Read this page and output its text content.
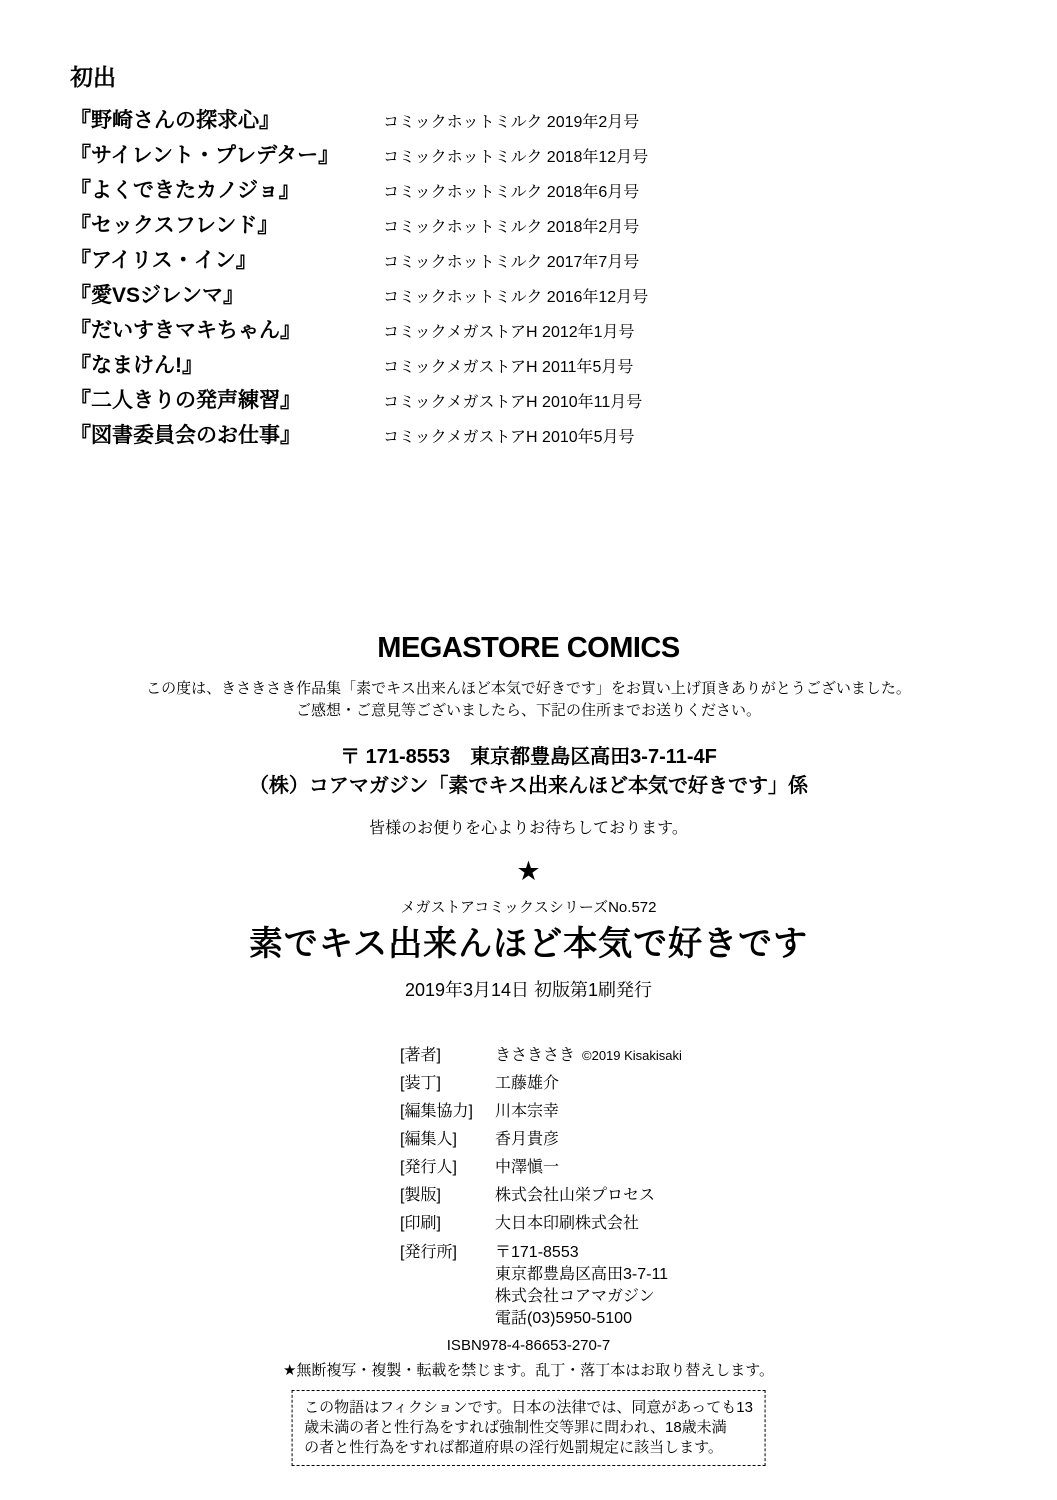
初出
『野崎さんの探求心』	コミックホットミルク 2019年2月号
『サイレント・プレデター』	コミックホットミルク 2018年12月号
『よくできたカノジョ』	コミックホットミルク 2018年6月号
『セックスフレンド』	コミックホットミルク 2018年2月号
『アイリス・イン』	コミックホットミルク 2017年7月号
『愛VSジレンマ』	コミックホットミルク 2016年12月号
『だいすきマキちゃん』	コミックメガストアH 2012年1月号
『なまけん!』	コミックメガストアH 2011年5月号
『二人きりの発声練習』	コミックメガストアH 2010年11月号
『図書委員会のお仕事』	コミックメガストアH 2010年5月号
MEGASTORE COMICS
この度は、きさきさき作品集「素でキス出来んほど本気で好きです」をお買い上げ頂きありがとうございました。
ご感想・ご意見等ございましたら、下記の住所までお送りください。
〒 171-8553　東京都豊島区高田3-7-11-4F
（株）コアマガジン「素でキス出来んほど本気で好きです」係
皆様のお便りを心よりお待ちしております。
★
メガストアコミックスシリーズNo.572
素でキス出来んほど本気で好きです
2019年3月14日 初版第1刷発行
[著者]	きさきさき ©2019 Kisakisaki
[装丁]	工藤雄介
[編集協力]	川本宗幸
[編集人]	香月貴彦
[発行人]	中澤愼一
[製版]	株式会社山栄プロセス
[印刷]	大日本印刷株式会社
[発行所]	〒171-8553
東京都豊島区高田3-7-11
株式会社コアマガジン
電話(03)5950-5100
ISBN978-4-86653-270-7
★無断複写・複製・転載を禁じます。乱丁・落丁本はお取り替えします。
この物語はフィクションです。日本の法律では、同意があっても13
歳未満の者と性行為をすれば強制性交等罪に問われ、18歳未満
の者と性行為をすれば都道府県の淫行処罰規定に該当します。
